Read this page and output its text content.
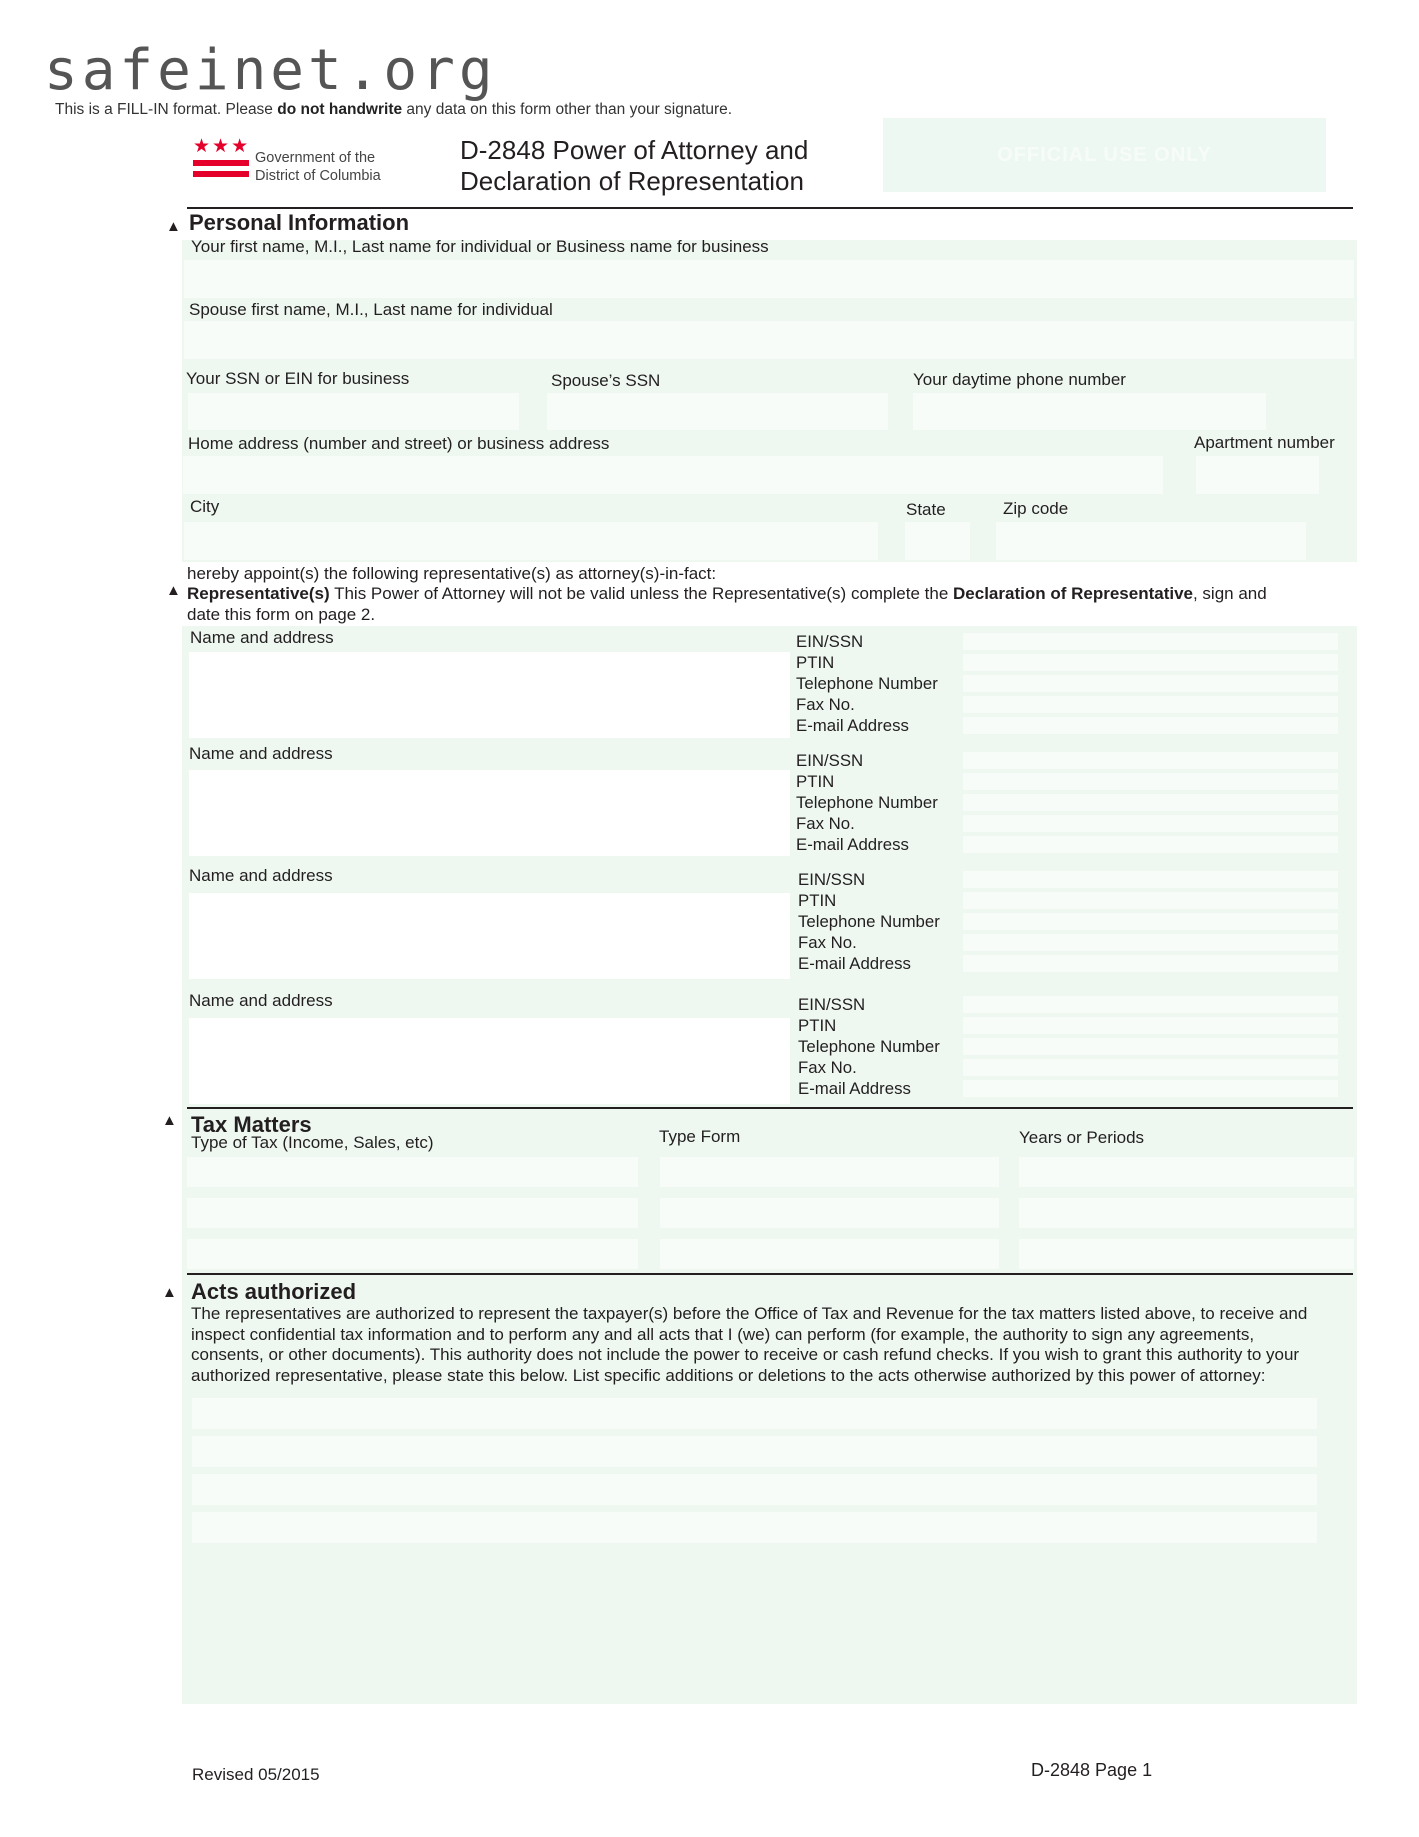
safeinet.org
This is a FILL-IN format. Please do not handwrite any data on this form other than your signature.
★★★
Government of the
District of Columbia
D-2848 Power of Attorney and
Declaration of Representation
OFFICIAL USE ONLY
▲ Personal Information
Your first name, M.I., Last name for individual or Business name for business
Spouse first name, M.I., Last name for individual
Your SSN or EIN for business	Spouse’s SSN	Your daytime phone number
Home address (number and street) or business address	Apartment number
City	State	Zip code
hereby appoint(s) the following representative(s) as attorney(s)-in-fact:
▲ Representative(s) This Power of Attorney will not be valid unless the Representative(s) complete the Declaration of Representative, sign and
date this form on page 2.
Name and address	EIN/SSN
PTIN
Telephone Number
Fax No.
E-mail Address
Name and address	EIN/SSN
PTIN
Telephone Number
Fax No.
E-mail Address
Name and address	EIN/SSN
PTIN
Telephone Number
Fax No.
E-mail Address
Name and address	EIN/SSN
PTIN
Telephone Number
Fax No.
E-mail Address
▲ Tax Matters
Type of Tax (Income, Sales, etc)	Type Form	Years or Periods
▲ Acts authorized
The representatives are authorized to represent the taxpayer(s) before the Office of Tax and Revenue for the tax matters listed above, to receive and
inspect confidential tax information and to perform any and all acts that I (we) can perform (for example, the authority to sign any agreements,
consents, or other documents). This authority does not include the power to receive or cash refund checks. If you wish to grant this authority to your
authorized representative, please state this below. List specific additions or deletions to the acts otherwise authorized by this power of attorney:
Revised 05/2015	D-2848 Page 1
